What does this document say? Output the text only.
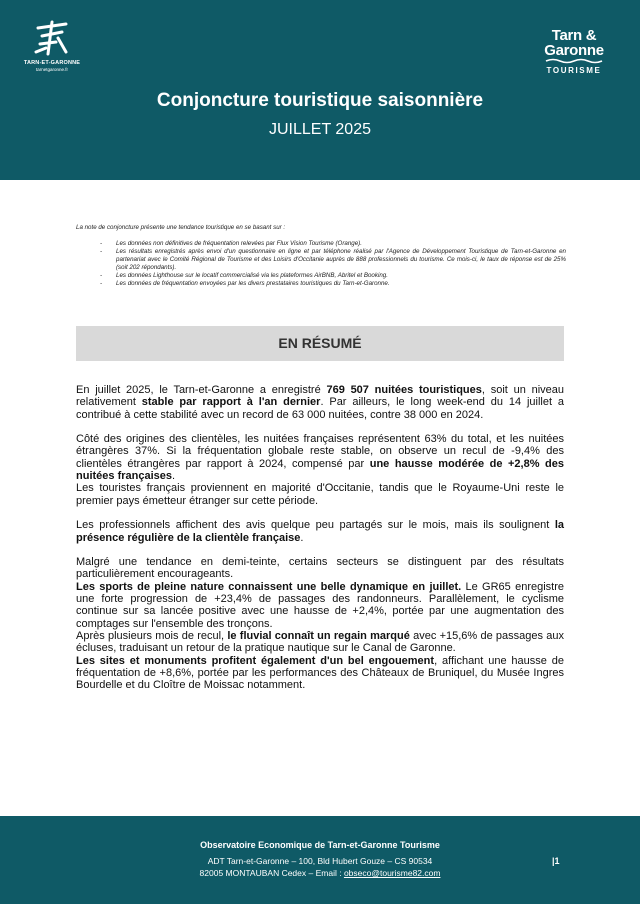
TARN-ET-GARONNE
tarnetgaronne.fr
Tarn &
Garonne
TOURISME
Conjoncture touristique saisonnière
JUILLET 2025
La note de conjoncture présente une tendance touristique en se basant sur :
- Les données non définitives de fréquentation relevées par Flux Vision Tourisme (Orange).
- Les résultats enregistrés après envoi d'un questionnaire en ligne et par téléphone réalisé par l'Agence de Développement Touristique de Tarn-et-Garonne en partenariat avec le Comité Régional de Tourisme et des Loisirs d'Occitanie auprès de 888 professionnels du tourisme. Ce mois-ci, le taux de réponse est de 25% (soit 202 répondants).
- Les données Lighthouse sur le locatif commercialisé via les plateformes AirBNB, Abritel et Booking.
- Les données de fréquentation envoyées par les divers prestataires touristiques du Tarn-et-Garonne.
EN RÉSUMÉ

En juillet 2025, le Tarn-et-Garonne a enregistré 769 507 nuitées touristiques, soit un niveau relativement stable par rapport à l'an dernier. Par ailleurs, le long week-end du 14 juillet a contribué à cette stabilité avec un record de 63 000 nuitées, contre 38 000 en 2024.

Côté des origines des clientèles, les nuitées françaises représentent 63% du total, et les nuitées étrangères 37%. Si la fréquentation globale reste stable, on observe un recul de -9,4% des clientèles étrangères par rapport à 2024, compensé par une hausse modérée de +2,8% des nuitées françaises.

Les touristes français proviennent en majorité d'Occitanie, tandis que le Royaume-Uni reste le premier pays émetteur étranger sur cette période.

Les professionnels affichent des avis quelque peu partagés sur le mois, mais ils soulignent la présence régulière de la clientèle française.

Malgré une tendance en demi-teinte, certains secteurs se distinguent par des résultats particulièrement encourageants.

Les sports de pleine nature connaissent une belle dynamique en juillet. Le GR65 enregistre une forte progression de +23,4% de passages des randonneurs. Parallèlement, le cyclisme continue sur sa lancée positive avec une hausse de +2,4%, portée par une augmentation des comptages sur l'ensemble des tronçons.

Après plusieurs mois de recul, le fluvial connaît un regain marqué avec +15,6% de passages aux écluses, traduisant un retour de la pratique nautique sur le Canal de Garonne.

Les sites et monuments profitent également d'un bel engouement, affichant une hausse de fréquentation de +8,6%, portée par les performances des Châteaux de Bruniquel, du Musée Ingres Bourdelle et du Cloître de Moissac notamment.

Observatoire Economique de Tarn-et-Garonne Tourisme
ADT Tarn-et-Garonne – 100, Bld Hubert Gouze – CS 90534
82005 MONTAUBAN Cedex – Email : obseco@tourisme82.com
|1
